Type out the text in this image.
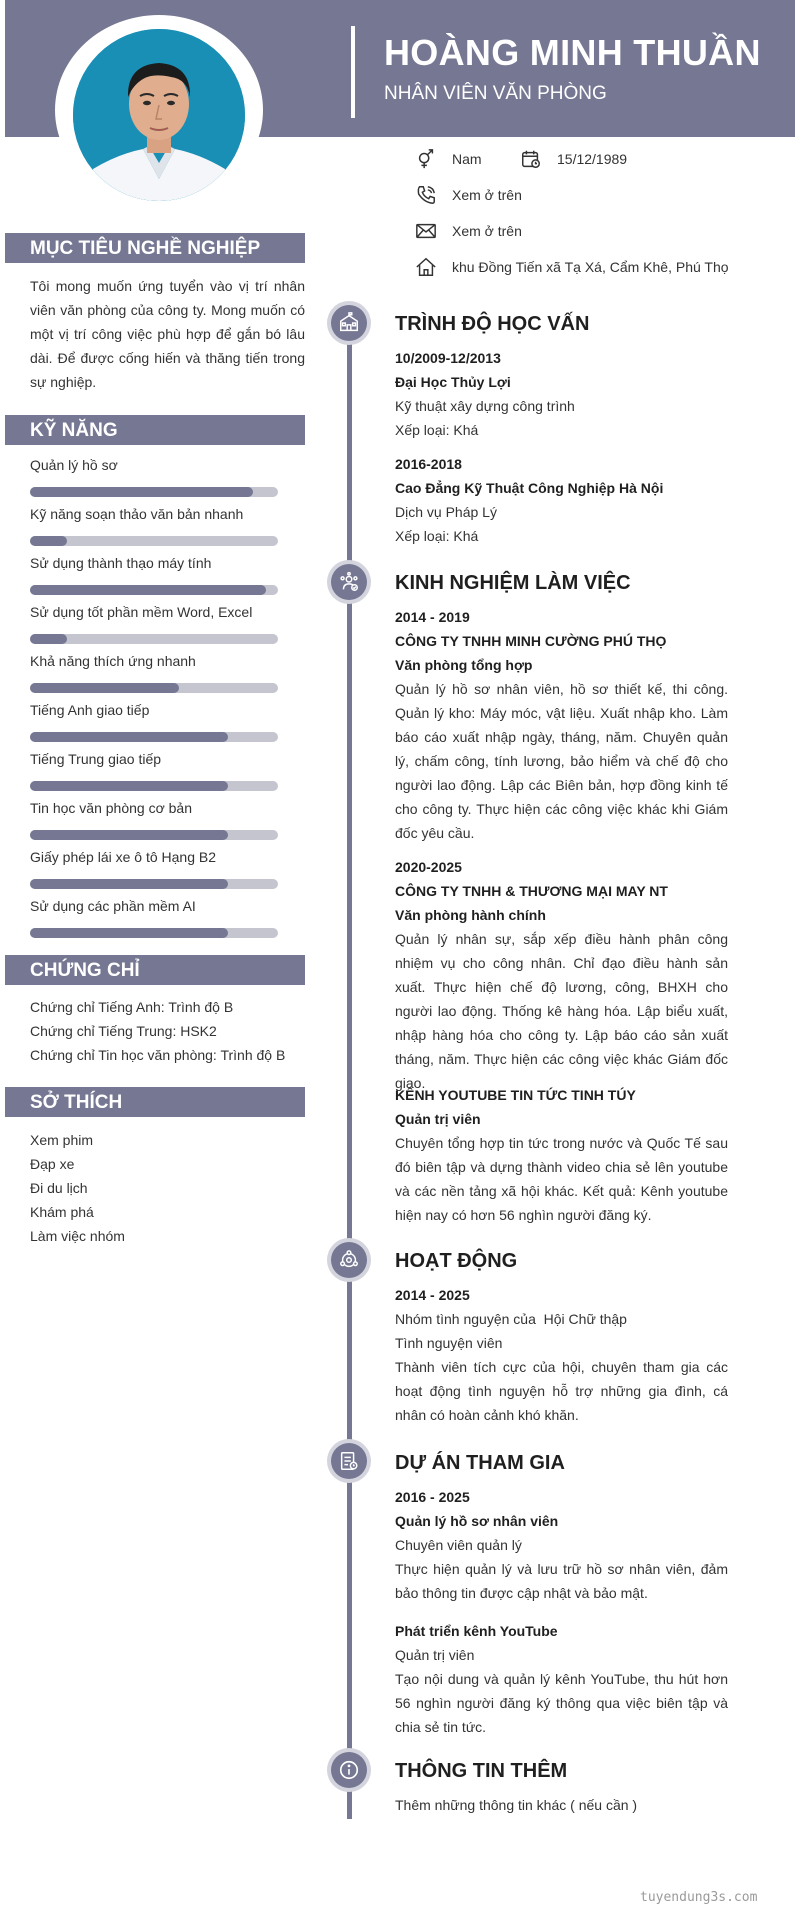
HOÀNG MINH THUẦN
NHÂN VIÊN VĂN PHÒNG
Nam	15/12/1989
Xem ở trên
Xem ở trên
khu Đồng Tiến xã Tạ Xá, Cẩm Khê, Phú Thọ
MỤC TIÊU NGHỀ NGHIỆP
Tôi mong muốn ứng tuyển vào vị trí nhân viên văn phòng của công ty. Mong muốn có một vị trí công việc phù hợp để gắn bó lâu dài. Để được cống hiến và thăng tiến trong sự nghiệp.
KỸ NĂNG
Quản lý hồ sơ
Kỹ năng soạn thảo văn bản nhanh
Sử dụng thành thạo máy tính
Sử dụng tốt phần mềm Word, Excel
Khả năng thích ứng nhanh
Tiếng Anh giao tiếp
Tiếng Trung giao tiếp
Tin học văn phòng cơ bản
Giấy phép lái xe ô tô Hạng B2
Sử dụng các phần mềm AI
CHỨNG CHỈ
Chứng chỉ Tiếng Anh: Trình độ B
Chứng chỉ Tiếng Trung: HSK2
Chứng chỉ Tin học văn phòng: Trình độ B
SỞ THÍCH
Xem phim
Đạp xe
Đi du lịch
Khám phá
Làm việc nhóm
TRÌNH ĐỘ HỌC VẤN
10/2009-12/2013
Đại Học Thủy Lợi
Kỹ thuật xây dựng công trình
Xếp loại: Khá
2016-2018
Cao Đẳng Kỹ Thuật Công Nghiệp Hà Nội
Dịch vụ Pháp Lý
Xếp loại: Khá
KINH NGHIỆM LÀM VIỆC
2014 - 2019
CÔNG TY TNHH MINH CƯỜNG PHÚ THỌ
Văn phòng tổng hợp
Quản lý hồ sơ nhân viên, hồ sơ thiết kế, thi công. Quản lý kho: Máy móc, vật liệu. Xuất nhập kho. Làm báo cáo xuất nhập ngày, tháng, năm. Chuyên quản lý, chấm công, tính lương, bảo hiểm và chế độ cho người lao động. Lập các Biên bản, hợp đồng kinh tế cho công ty. Thực hiện các công việc khác khi Giám đốc yêu cầu.
2020-2025
CÔNG TY TNHH & THƯƠNG MẠI MAY NT
Văn phòng hành chính
Quản lý nhân sự, sắp xếp điều hành phân công nhiệm vụ cho công nhân. Chỉ đạo điều hành sản xuất. Thực hiện chế độ lương, công, BHXH cho người lao động. Thống kê hàng hóa. Lập biểu xuất, nhập hàng hóa cho công ty. Lập báo cáo sản xuất tháng, năm. Thực hiện các công việc khác Giám đốc giao.
KÊNH YOUTUBE TIN TỨC TINH TÚY
Quản trị viên
Chuyên tổng hợp tin tức trong nước và Quốc Tế sau đó biên tập và dựng thành video chia sẻ lên youtube và các nền tảng xã hội khác. Kết quả: Kênh youtube hiện nay có hơn 56 nghìn người đăng ký.
HOẠT ĐỘNG
2014 - 2025
Nhóm tình nguyện của  Hội Chữ thập
Tình nguyện viên
Thành viên tích cực của hội, chuyên tham gia các hoạt động tình nguyện hỗ trợ những gia đình, cá nhân có hoàn cảnh khó khăn.
DỰ ÁN THAM GIA
2016 - 2025
Quản lý hồ sơ nhân viên
Chuyên viên quản lý
Thực hiện quản lý và lưu trữ hồ sơ nhân viên, đảm bảo thông tin được cập nhật và bảo mật.
Phát triển kênh YouTube
Quản trị viên
Tạo nội dung và quản lý kênh YouTube, thu hút hơn 56 nghìn người đăng ký thông qua việc biên tập và chia sẻ tin tức.
THÔNG TIN THÊM
Thêm những thông tin khác ( nếu cần )
tuyendung3s.com
